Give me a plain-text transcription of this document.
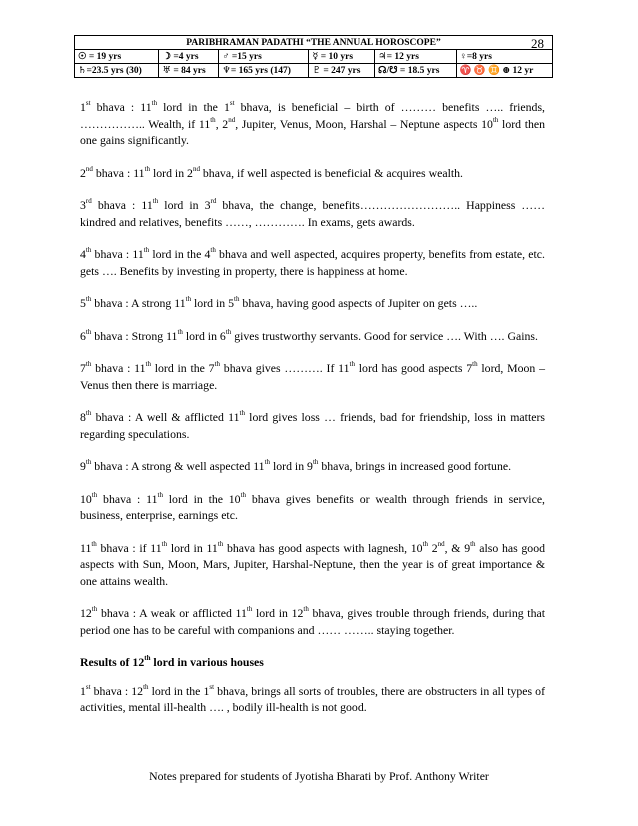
PARIBHRAMAN PADATHI “THE ANNUAL HOROSCOPE” 28					

☉ = 19 yrs	☽ =4 yrs	♂ =15 yrs	☿ = 10 yrs	♃= 12 yrs	♀=8 yrs
♄=23.5 yrs (30)	♅ = 84 yrs	♆= 165 yrs (147)	♇ = 247 yrs	☊/☋ = 18.5 yrs	♈ ♉ ♊ ⊕ 12 yr

1st bhava : 11th lord in the 1st bhava, is beneficial – birth of ……… benefits ….. friends, …………….. Wealth, if 11th, 2nd, Jupiter, Venus, Moon, Harshal – Neptune aspects 10th lord then one gains significantly.

2nd bhava : 11th lord in 2nd bhava, if well aspected is beneficial & acquires wealth.

3rd bhava : 11th lord in 3rd bhava, the change, benefits…………………….. Happiness …… kindred and relatives, benefits ……, …………. In exams, gets awards.

4th bhava : 11th lord in the 4th bhava and well aspected, acquires property, benefits from estate, etc. gets …. Benefits by investing in property, there is happiness at home.

5th bhava : A strong 11th lord in 5th bhava, having good aspects of Jupiter on gets …..

6th bhava : Strong 11th lord in 6th gives trustworthy servants. Good for service …. With …. Gains.

7th bhava : 11th lord in the 7th bhava gives ………. If 11th lord has good aspects 7th lord, Moon – Venus then there is marriage.

8th bhava : A well & afflicted 11th lord gives loss … friends, bad for friendship, loss in matters regarding speculations.

9th bhava : A strong & well aspected 11th lord in 9th bhava, brings in increased good fortune.

10th bhava : 11th lord in the 10th bhava gives benefits or wealth through friends in service, business, enterprise, earnings etc.

11th bhava : if 11th lord in 11th bhava has good aspects with lagnesh, 10th 2nd, & 9th also has good aspects with Sun, Moon, Mars, Jupiter, Harshal-Neptune, then the year is of great importance & one attains wealth.

12th bhava : A weak or afflicted 11th lord in 12th bhava, gives trouble through friends, during that period one has to be careful with companions and …… …….. staying together.

Results of 12th lord in various houses

1st bhava : 12th lord in the 1st bhava, brings all sorts of troubles, there are obstructers in all types of activities, mental ill-health …. , bodily ill-health is not good.

Notes prepared for students of Jyotisha Bharati by Prof. Anthony Writer
